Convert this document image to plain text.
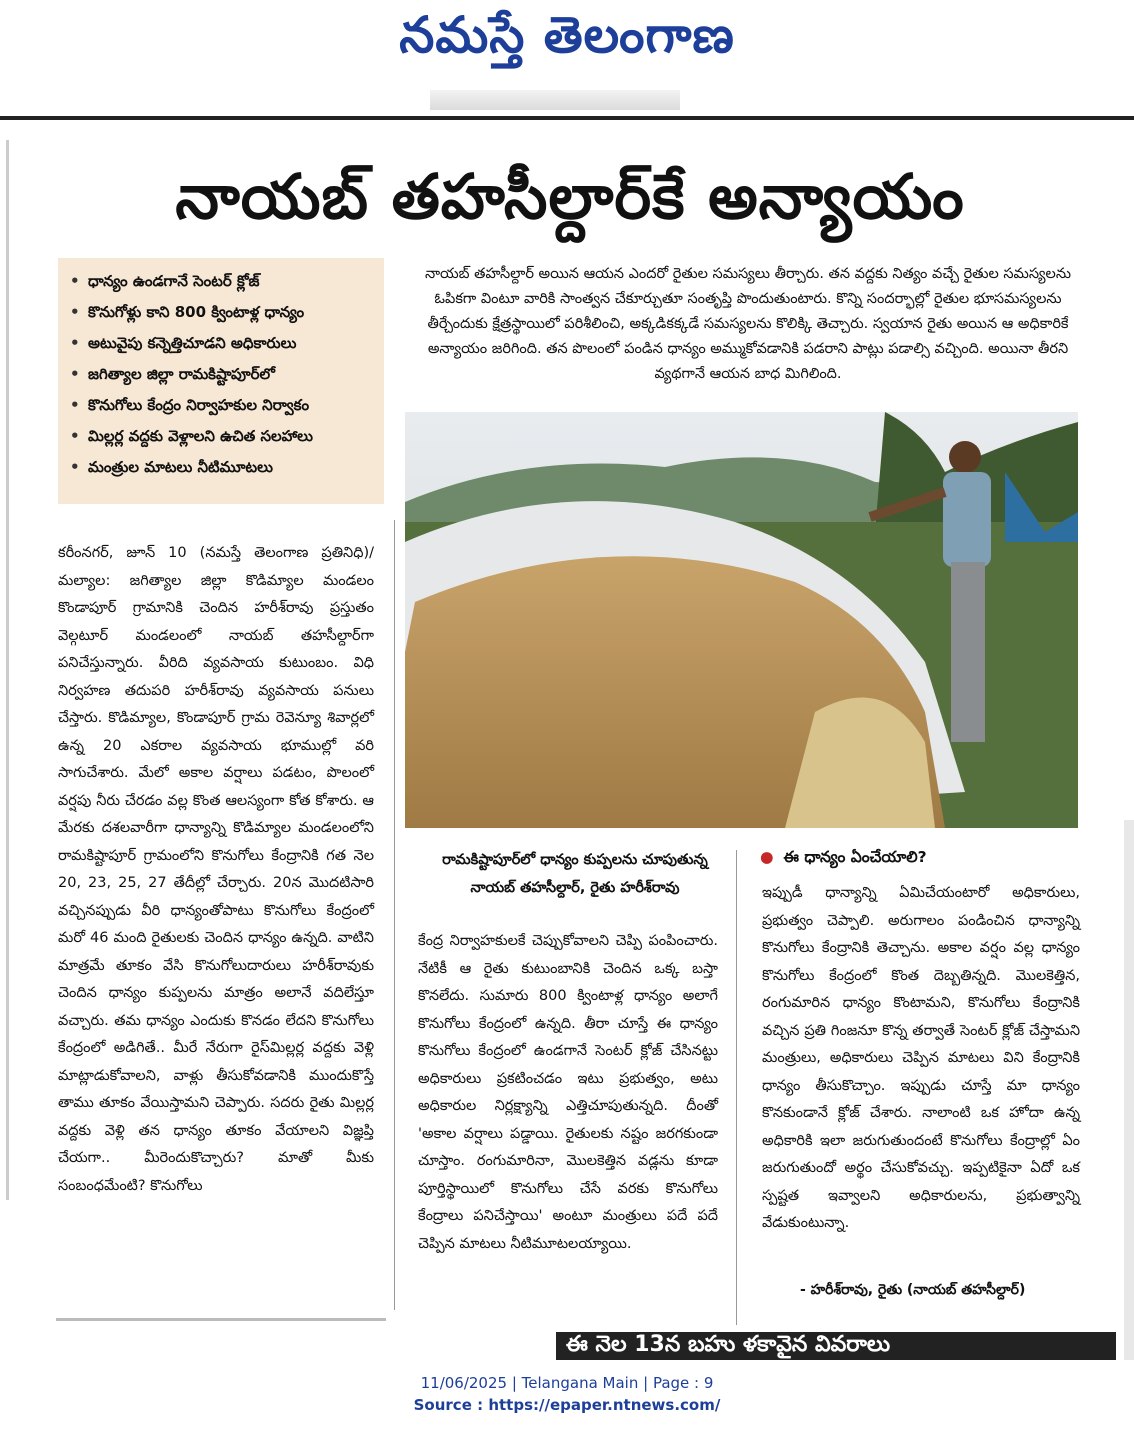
నమస్తే తెలంగాణ
నాయబ్ తహసీల్దార్‌కే అన్యాయం
• ధాన్యం ఉండగానే సెంటర్ క్లోజ్
• కొనుగోళ్లు కాని 800 క్వింటాళ్ల ధాన్యం
• అటువైపు కన్నెత్తిచూడని అధికారులు
• జగిత్యాల జిల్లా రామకిష్టాపూర్‌లో
• కొనుగోలు కేంద్రం నిర్వాహకుల నిర్వాకం
• మిల్లర్ల వద్దకు వెళ్లాలని ఉచిత సలహాలు
• మంత్రుల మాటలు నీటిమూటలు
నాయబ్ తహసీల్దార్ అయిన ఆయన ఎందరో రైతుల సమస్యలు తీర్చారు. తన వద్దకు నిత్యం వచ్చే రైతుల సమస్యలను ఓపికగా వింటూ వారికి సాంత్వన చేకూర్చుతూ సంతృప్తి పొందుతుంటారు. కొన్ని సందర్భాల్లో రైతుల భూసమస్యలను తీర్చేందుకు క్షేత్రస్థాయిలో పరిశీలించి, అక్కడికక్కడే సమస్యలను కొలిక్కి తెచ్చారు. స్వయాన రైతు అయిన ఆ అధికారికే అన్యాయం జరిగింది. తన పొలంలో పండిన ధాన్యం అమ్ముకోవడానికి పడరాని పాట్లు పడాల్సి వచ్చింది. అయినా తీరని వ్యథగానే ఆయన బాధ మిగిలింది.
రామకిష్టాపూర్‌లో ధాన్యం కుప్పలను చూపుతున్న
నాయబ్ తహసీల్దార్, రైతు హరీశ్‌రావు
కరీంనగర్, జూన్ 10 (నమస్తే తెలంగాణ ప్రతినిధి)/మల్యాల: జగిత్యాల జిల్లా కొడిమ్యాల మండలం కొండాపూర్ గ్రామానికి చెందిన హరీశ్‌రావు ప్రస్తుతం వెల్గటూర్ మండలంలో నాయబ్ తహసీల్దార్‌గా పనిచేస్తున్నారు. వీరిది వ్యవసాయ కుటుంబం. విధి నిర్వహణ తదుపరి హరీశ్‌రావు వ్యవసాయ పనులు చేస్తారు. కొడిమ్యాల, కొండాపూర్ గ్రామ రెవెన్యూ శివార్లలో ఉన్న 20 ఎకరాల వ్యవసాయ భూముల్లో వరి సాగుచేశారు. మేలో అకాల వర్షాలు పడటం, పొలంలో వర్షపు నీరు చేరడం వల్ల కొంత ఆలస్యంగా కోత కోశారు. ఆ మేరకు దశలవారీగా ధాన్యాన్ని కొడిమ్యాల మండలంలోని రామకిష్టాపూర్ గ్రామంలోని కొనుగోలు కేంద్రానికి గత నెల 20, 23, 25, 27 తేదీల్లో చేర్చారు. 20న మొదటిసారి వచ్చినప్పుడు వీరి ధాన్యంతోపాటు కొనుగోలు కేంద్రంలో మరో 46 మంది రైతులకు చెందిన ధాన్యం ఉన్నది. వాటిని మాత్రమే తూకం వేసి కొనుగోలుదారులు హరీశ్‌రావుకు చెందిన ధాన్యం కుప్పలను మాత్రం అలానే వదిలేస్తూ వచ్చారు. తమ ధాన్యం ఎందుకు కొనడం లేదని కొనుగోలు కేంద్రంలో అడిగితే.. మీరే నేరుగా రైస్‌మిల్లర్ల వద్దకు వెళ్లి మాట్లాడుకోవాలని, వాళ్లు తీసుకోవడానికి ముందుకొస్తే తాము తూకం వేయిస్తామని చెప్పారు. సదరు రైతు మిల్లర్ల వద్దకు వెళ్లి తన ధాన్యం తూకం వేయాలని విజ్ఞప్తి చేయగా.. మీరెందుకొచ్చారు? మాతో మీకు సంబంధమేంటి? కొనుగోలు
కేంద్ర నిర్వాహకులకే చెప్పుకోవాలని చెప్పి పంపించారు. నేటికీ ఆ రైతు కుటుంబానికి చెందిన ఒక్క బస్తా కొనలేదు. సుమారు 800 క్వింటాళ్ల ధాన్యం అలాగే కొనుగోలు కేంద్రంలో ఉన్నది. తీరా చూస్తే ఈ ధాన్యం కొనుగోలు కేంద్రంలో ఉండగానే సెంటర్ క్లోజ్ చేసినట్టు అధికారులు ప్రకటించడం ఇటు ప్రభుత్వం, అటు అధికారుల నిర్లక్ష్యాన్ని ఎత్తిచూపుతున్నది. దీంతో 'అకాల వర్షాలు పడ్డాయి. రైతులకు నష్టం జరగకుండా చూస్తాం. రంగుమారినా, మొలకెత్తిన వడ్లను కూడా పూర్తిస్థాయిలో కొనుగోలు చేసే వరకు కొనుగోలు కేంద్రాలు పనిచేస్తాయి' అంటూ మంత్రులు పదే పదే చెప్పిన మాటలు నీటిమూటలయ్యాయి.
● ఈ ధాన్యం ఏంచేయాలి?
ఇప్పుడీ ధాన్యాన్ని ఏమిచేయంటారో అధికారులు, ప్రభుత్వం చెప్పాలి. అరుగాలం పండించిన ధాన్యాన్ని కొనుగోలు కేంద్రానికి తెచ్చాను. అకాల వర్షం వల్ల ధాన్యం కొనుగోలు కేంద్రంలో కొంత దెబ్బతిన్నది. మొలకెత్తిన, రంగుమారిన ధాన్యం కొంటామని, కొనుగోలు కేంద్రానికి వచ్చిన ప్రతి గింజనూ కొన్న తర్వాతే సెంటర్ క్లోజ్ చేస్తామని మంత్రులు, అధికారులు చెప్పిన మాటలు విని కేంద్రానికి ధాన్యం తీసుకొచ్చాం. ఇప్పుడు చూస్తే మా ధాన్యం కొనకుండానే క్లోజ్ చేశారు. నాలాంటి ఒక హోదా ఉన్న అధికారికి ఇలా జరుగుతుందంటే కొనుగోలు కేంద్రాల్లో ఏం జరుగుతుందో అర్థం చేసుకోవచ్చు. ఇప్పటికైనా ఏదో ఒక స్పష్టత ఇవ్వాలని అధికారులను, ప్రభుత్వాన్ని వేడుకుంటున్నా.
- హరీశ్‌రావు, రైతు (నాయబ్ తహసీల్దార్)
ఈ నెల 13న బహు ళకావైన వివరాలు
11/06/2025 | Telangana Main | Page : 9
Source : https://epaper.ntnews.com/
